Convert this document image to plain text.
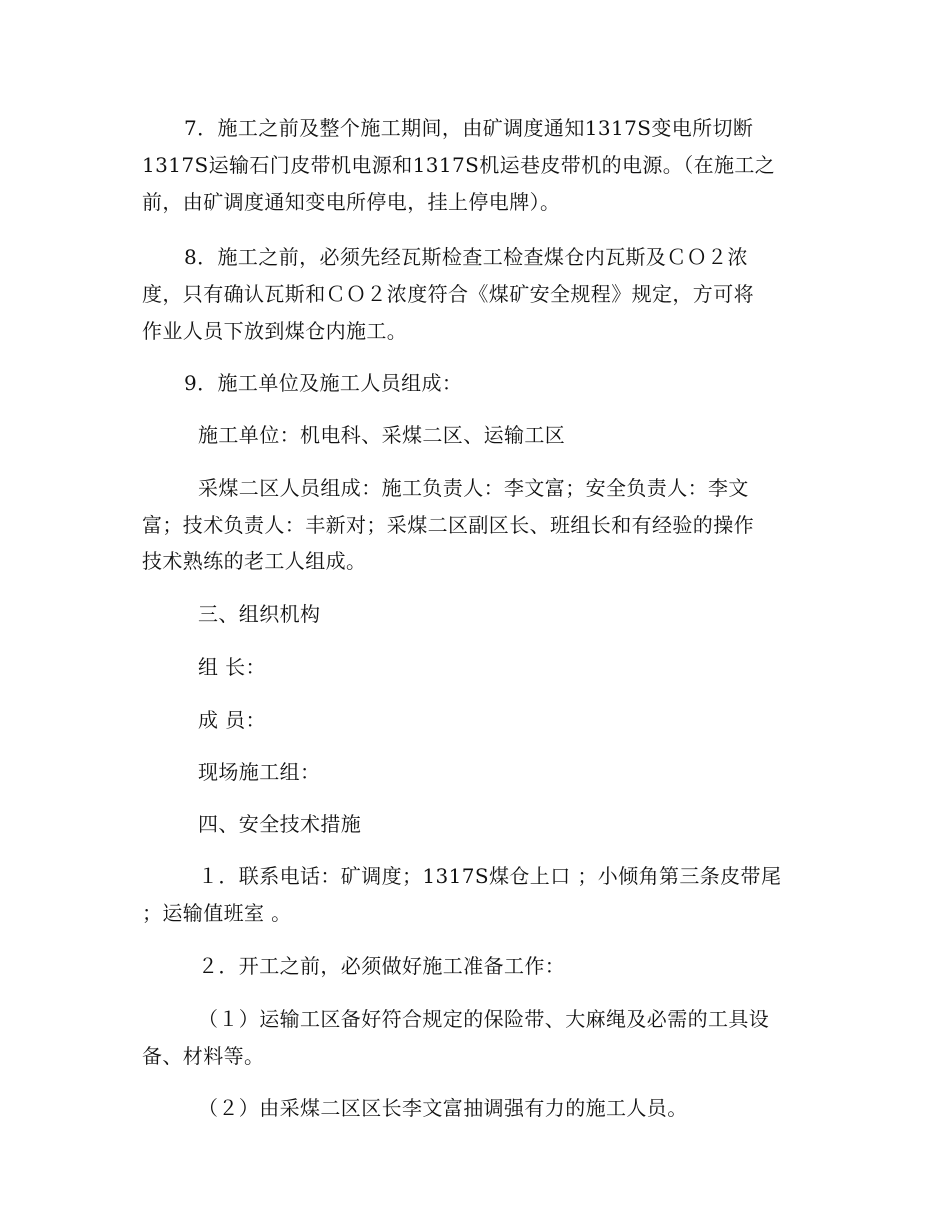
7．施工之前及整个施工期间，由矿调度通知1317S变电所切断

1317S运输石门皮带机电源和1317S机运巷皮带机的电源。（在施工之

前，由矿调度通知变电所停电，挂上停电牌）。

8．施工之前，必须先经瓦斯检查工检查煤仓内瓦斯及ＣＯ２浓

度，只有确认瓦斯和ＣＯ２浓度符合《煤矿安全规程》规定，方可将

作业人员下放到煤仓内施工。

9．施工单位及施工人员组成：

施工单位：机电科、采煤二区、运输工区

采煤二区人员组成：施工负责人：李文富；安全负责人：李文

富；技术负责人：丰新对；采煤二区副区长、班组长和有经验的操作

技术熟练的老工人组成。

三、组织机构

组 长：

成 员：

现场施工组：

四、安全技术措施

１．联系电话：矿调度；1317S煤仓上口 ；小倾角第三条皮带尾

；运输值班室 。

２．开工之前，必须做好施工准备工作：

（１）运输工区备好符合规定的保险带、大麻绳及必需的工具设

备、材料等。

（２）由采煤二区区长李文富抽调强有力的施工人员。
